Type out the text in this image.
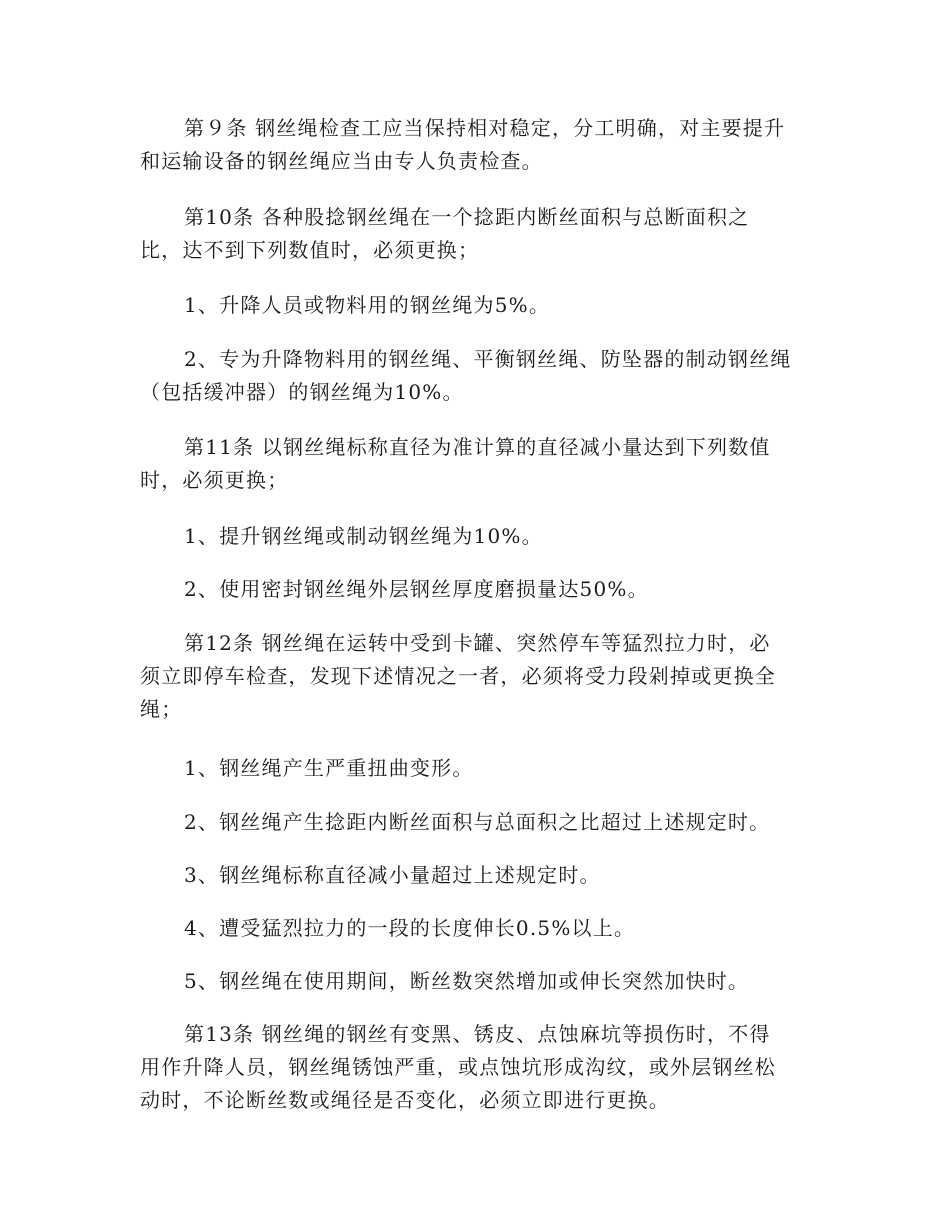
第９条 钢丝绳检查工应当保持相对稳定，分工明确，对主要提升
和运输设备的钢丝绳应当由专人负责检查。

第10条 各种股捻钢丝绳在一个捻距内断丝面积与总断面积之
比，达不到下列数值时，必须更换；

1、升降人员或物料用的钢丝绳为5%。

2、专为升降物料用的钢丝绳、平衡钢丝绳、防坠器的制动钢丝绳
（包括缓冲器）的钢丝绳为10%。

第11条 以钢丝绳标称直径为准计算的直径减小量达到下列数值
时，必须更换；

1、提升钢丝绳或制动钢丝绳为10%。

2、使用密封钢丝绳外层钢丝厚度磨损量达50%。

第12条 钢丝绳在运转中受到卡罐、突然停车等猛烈拉力时，必
须立即停车检查，发现下述情况之一者，必须将受力段剁掉或更换全
绳；

1、钢丝绳产生严重扭曲变形。

2、钢丝绳产生捻距内断丝面积与总面积之比超过上述规定时。

3、钢丝绳标称直径减小量超过上述规定时。

4、遭受猛烈拉力的一段的长度伸长0.5%以上。

5、钢丝绳在使用期间，断丝数突然增加或伸长突然加快时。

第13条 钢丝绳的钢丝有变黑、锈皮、点蚀麻坑等损伤时，不得
用作升降人员，钢丝绳锈蚀严重，或点蚀坑形成沟纹，或外层钢丝松
动时，不论断丝数或绳径是否变化，必须立即进行更换。
